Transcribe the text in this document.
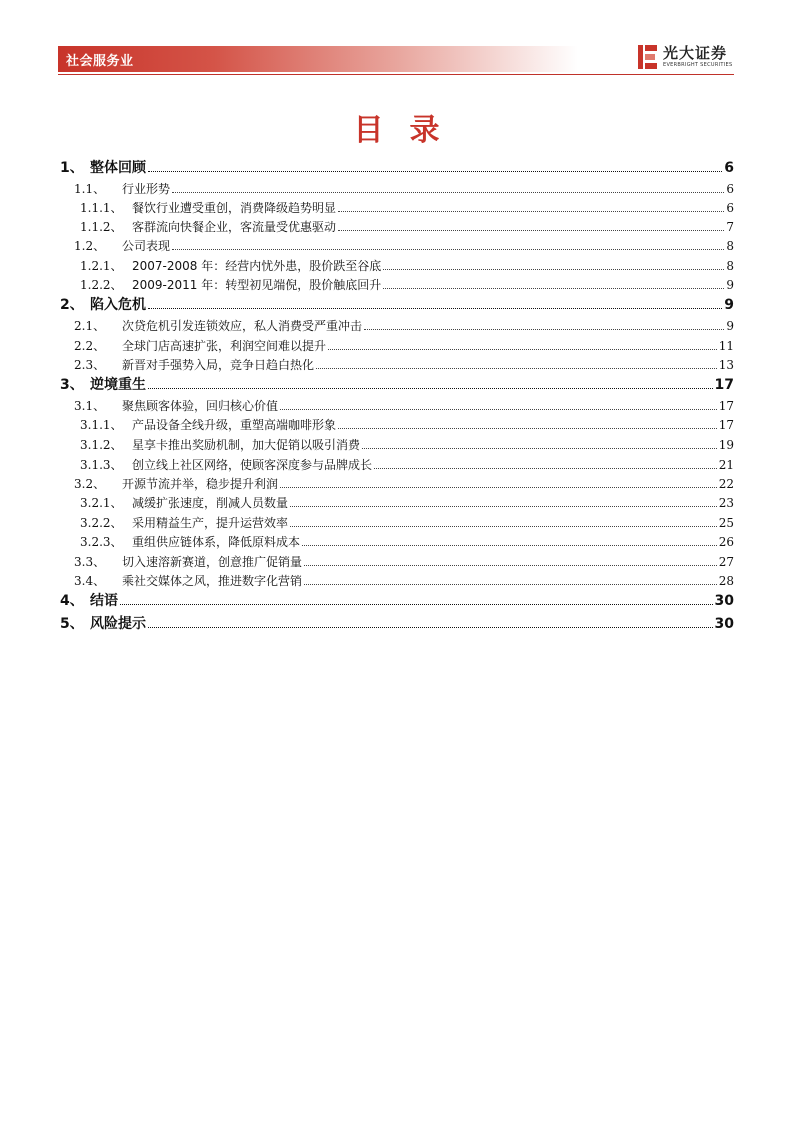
社会服务业	光大证券
EVERBRIGHT SECURITIES
目录
1、 整体回顾	6
1.1、	行业形势	6
1.1.1、 餐饮行业遭受重创，消费降级趋势明显	6
1.1.2、 客群流向快餐企业，客流量受优惠驱动	7
1.2、	公司表现	8
1.2.1、 2007-2008 年：经营内忧外患，股价跌至谷底	8
1.2.2、 2009-2011 年：转型初见端倪，股价触底回升	9
2、 陷入危机	9
2.1、	次贷危机引发连锁效应，私人消费受严重冲击	9
2.2、	全球门店高速扩张，利润空间难以提升	11
2.3、	新晋对手强势入局，竞争日趋白热化	13
3、 逆境重生	17
3.1、	聚焦顾客体验，回归核心价值	17
3.1.1、 产品设备全线升级，重塑高端咖啡形象	17
3.1.2、 星享卡推出奖励机制，加大促销以吸引消费	19
3.1.3、 创立线上社区网络，使顾客深度参与品牌成长	21
3.2、	开源节流并举，稳步提升利润	22
3.2.1、 减缓扩张速度，削减人员数量	23
3.2.2、 采用精益生产，提升运营效率	25
3.2.3、 重组供应链体系，降低原料成本	26
3.3、	切入速溶新赛道，创意推广促销量	27
3.4、	乘社交媒体之风，推进数字化营销	28
4、 结语	30
5、 风险提示	30
